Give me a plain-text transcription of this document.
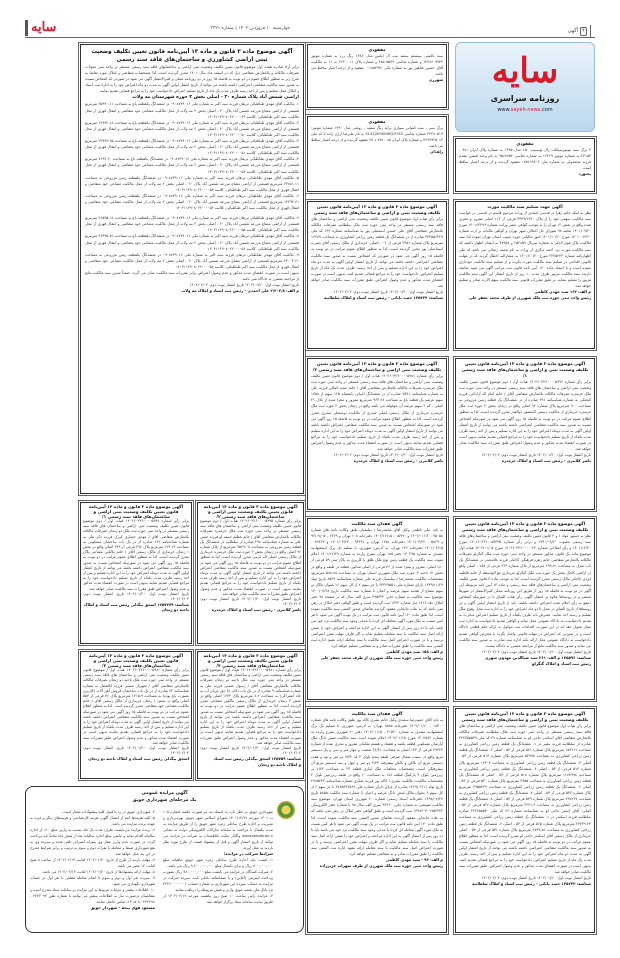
سایه	چهارشنبه ۱۰ فروردین ۱۴۰۲ | شماره ۳۳۲۱	۴
آگهی
سایه
روزنامه سراسری
www.sayeh-news.com
مفقودی

۲ برگ سند موتورسیکلت زال توسبیپ ۱۵۰ مدل ۱۳۹۵ به شماره پلاک ایران ۹۸۱ - ۲۳۱۵۴ به شماره موتور ۱۲۳۶۹ به شماره شاسی ۹۵۶۷۷۵۴ به نام وحید فیضی مقدم فرزند محمدولی به شماره ملی ۰۷۵۱۱۹۸۰۳ مفقود گردیده و از درجه اعتبار ساقط است.

بجنورد
مفقودی

سند تاکسی سیستم سمند تیپ ال ایکس مدل ۱۳۸۶ رنگ زرد به شماره موتور ۱۲۴۸۶۰۹۹۴۴ و شماره شاسی ۳۸۵۰۵۵۴۳ و شماره پلاک ۱۱ - ۲۲۲ ت ۱۱ به مالکیت آقای حسین شاهین پور به شماره ملی ۰۰۱۸۵۳۹۲۱ مفقود و از درجه اعتبار ساقط می باشد.

شهرری
مفقودی

برگ سبز - سند کمپانی سواری پراید رنگ سفید - روغنی مدل ۱۳۹۰ شماره موتور: ۴۲۴۸۰۵۱۹ شماره شاسی S1422090089297S5 به نام علیرضا ارژن زاده با کد ملی ۳۶۷۹۹۲۵۰۱۳ و شماره پلاک ایران ۸۵ - ۷۹۸ د ۳۸ مفقود گردیده و از درجه اعتبار ساقط می باشد.

زاهدان
آگهی موضوع ماده ۳ قانون و ماده ۱۳ آیین‌نامه قانون تعیین تکلیف وضعیت ثبتی اراضی کشاورزی و ساختمان‌های فاقد سند رسمی

برابر آراء صادره هیئت اول موضوع قانون تعیین تکلیف وضعیت ثبتی اراضی و ساختمانهای فاقد سند رسمی مستقر در واحد ثبتی معولات تصرفات مالکانه و بلامعارض متقاضی ذیل که در اسفند ماه سال ۱۴۰۱ محرز گردیده است. لذا مشخصات متقاضی و املاک مورد تقاضا به شرح زیر به منظور اطلاع عموم در دو نوبت به فاصله ۱۵ روز در دو روزنامه محلی و کثیرالانتشار آگهی می شود در صورتی که اشخاص نسبت به صدور سند مالکیت متقاضی اعتراضی داشته باشند می توانند از تاریخ انتشار اولین آگهی به مدت دو ماه اعتراض خود را به اداره ثبت اسناد و املاک محل تسلیم و پس از اخذ رسید ظرف مدت یک ماه از تاریخ تسلیم اعتراض دادخواست خود را به مراجع قضایی تقدیم نمایند.

اراضی شمس آباد پلاک شماره ۲۰ - اصلی بخش ۲ حوزه شهرستان مه ولات

۱- مالکیت آقای مهدی طباطبائی تربقان فرزند سید اکبر به شماره ملی ۰۹۰۸۷۴۹۰۱۶ در ششدانگ یکقطعه باغ به مساحت ۲۵۹۹۰.۱۱ مترمربع قسمتی از اراضی مشاع مزرعه شمس آباد پلاک ۲۰ - اصلی بخش ۲ مه ولات از محل مالکیت مشاعی خود متقاضی و انتقال قهری از محل مالکیت سید اکبر طباطبائی. کلاسه ۱۴۰۳۱۱۴۹۰۸۰۲۲۰۰۰۰۴۹

۲- مالکیت آقای مهدی طباطبائی تربقان فرزند سید اکبر به شماره ملی ۰۹۰۸۷۴۹۰۱۶ در ششدانگ یکقطعه باغ به مساحت ۱۴۹۴۲.۱۸ مترمربع قسمتی از اراضی مشاع مزرعه شمس آباد پلاک ۲۰ - اصلی بخش ۲ مه ولات از محل مالکیت مشاعی خود متقاضی و انتقال قهری از محل مالکیت سید اکبر طباطبائی. کلاسه ۱۴۰۳۱۱۴۹۰۸۰۲۲۰۰۰۰۵۰

۳- مالکیت آقای مهدی طباطبائی تربقان فرزند سید اکبر به شماره ملی ۰۹۰۸۷۴۹۰۱۶ در ششدانگ یکقطعه باغ به مساحت ۲۳۹۹۹.۶۵ مترمربع قسمتی از اراضی مشاع مزرعه شمس آباد پلاک ۲۰ - اصلی بخش ۲ مه ولات از محل مالکیت مشاعی خود متقاضی و انتقال قهری از محل مالکیت سید اکبر طباطبائی. کلاسه ۱۴۰۳۱۱۴۹۰۸۰۲۲۰۰۰۰۵۱

۴- مالکیت آقای مهدی طباطبائی تربقان فرزند سید اکبر به شماره ملی ۰۹۰۸۷۴۹۰۱۶ در ششدانگ یکقطعه باغ به مساحت ۷۱۹۴.۶۰ مترمربع قسمتی از اراضی مشاع مزرعه شمس آباد پلاک ۲۰ - اصلی بخش ۲ مه ولات از محل مالکیت مشاعی خود متقاضی و انتقال قهری از محل مالکیت سید اکبر طباطبائی. کلاسه ۱۴۰۳۱۱۴۹۰۸۰۲۲۰۰۰۰۵۲

۵- مالکیت آقای مهدی طباطبائی تربقان فرزند سید اکبر به شماره ملی ۰۹۰۸۷۴۹۰۱۶ در ششدانگ یکقطعه زمین مزروعی به مساحت ۲۳۸۸۱.۱۱ مترمربع قسمتی از اراضی مشاع مزرعه شمس آباد پلاک ۲۰ - اصلی بخش ۲ مه ولات از محل مالکیت مشاعی خود متقاضی و انتقال قهری از محل مالکیت سید اکبر طباطبائی. کلاسه ۱۴۰۳۱۱۴۹۰۸۰۲۲۰۰۰۰۵۳

۶- مالکیت آقای مهدی طباطبائی تربقان فرزند سید اکبر به شماره ملی ۰۹۰۸۷۴۹۰۱۶ در ششدانگ یکقطعه زمین مزروعی به مساحت ۱۲۲۹۴.۶۱ مترمربع قسمتی از اراضی مشاع مزرعه شمس آباد پلاک ۲۰ - اصلی بخش ۲ مه ولات از محل مالکیت مشاعی خود متقاضی و انتقال قهری از محل مالکیت سید اکبر طباطبائی. کلاسه ۱۴۰۳۱۱۴۹۰۸۰۲۲۰۰۰۰۵۴

۷- مالکیت آقای مهدی طباطبائی تربقان فرزند سید اکبر به شماره ملی ۰۹۰۸۷۴۹۰۱۶ در ششدانگ یکقطعه باغ به مساحت ۲۶۵۹۵.۱۸ مترمربع قسمتی از اراضی مشاع مزرعه شمس آباد پلاک ۲۰ - اصلی بخش ۲ مه ولات از محل مالکیت مشاعی خود متقاضی و انتقال قهری از محل مالکیت سید اکبر طباطبائی. کلاسه ۱۴۰۳۱۱۴۹۰۸۰۲۲۰۰۰۰۵۵

۸- مالکیت آقای مهدی طباطبائی تربقان فرزند سید اکبر به شماره ملی ۰۹۰۸۷۴۹۰۱۶ در ششدانگ یکقطعه باغ به مساحت ۲۶۴۹۵.۸۲ مترمربع قسمتی از اراضی مشاع مزرعه شمس آباد پلاک ۲۰ - اصلی بخش ۲ مه ولات از محل مالکیت مشاعی خود متقاضی و انتقال قهری از محل مالکیت سید اکبر طباطبائی. کلاسه ۱۴۰۳۱۱۴۹۰۸۰۲۲۰۰۰۰۵۶

۹- مالکیت آقای مهدی طباطبائی تربقان فرزند سید اکبر به شماره ملی ۰۹۰۸۷۴۹۰۱۶ در ششدانگ یکقطعه زمین مزروعی به مساحت ۲۴۰۰۴.۶۱ مترمربع قسمتی از اراضی مشاع مزرعه شمس آباد پلاک ۲۰ - اصلی بخش ۲ مه ولات از محل مالکیت مشاعی خود متقاضی و انتقال قهری از محل مالکیت سید اکبر طباطبائی. کلاسه ۱۴۰۳۱۱۴۹۰۸۰۲۲۰۰۰۰۵۷

بدیهی است در صورت انقضای مدت مذکور و عدم وصول اعتراض برابر مقررات سند مالکیت صادر می گردد. ضمناً صدور سند مالکیت مانع از مراجعه متضرر به دادگاه نمی باشد.

تاریخ انتشار نوبت اول: ۱۴۰۲/۰۱/۲۰ تاریخ انتشار نوبت دوم: ۱۴۰۲/۰۲/۰۴

م الف: ۲/۴۰۴/۸ علی احمدی - رئیس ثبت اسناد و املاک مه ولات
آگهی جهت تسلیم سند مالکیت مورث

نظر به اینکه خانم زهرا در قدسی احمدی از وراث مرحوم قاسم در قدسی در خواست سند مالکیت سهمی خود را از پلاک ۳۳۳۹/۲۷۲۰ فرعی از ۱۱۳ اصلی مفروز و مجزی شده واقع در بخش ۱۲ تهران را به موجب گواهی حصر وراثت شماره ۱۴۰۱۶۳۳۷۹ مورخ ۱۴۰۱/۰۹/۲۰ شعبه ۹۸ شورای حل اختلاف شهر تهران و گواهی مالیات بر ارث شماره ۱۴۰۱۰۰۴۳۶۰ مورخ ۱۴۰۱/۱۰/۲۰ امور مالیاتی حوزه جنوب استان تهران نموده لذا سند مالکیت پلاک فوق الذکر به شماره سریال ۲۵۴۸۵۹ و ۴۷۹۵۸ به ایشان اظهار داشته که سند مالکیت مورث نزد احمد دیگری از وراث به نام محمد رضائی می باشد که طی اظهارنامه شماره ۲۳۴۵۴۴۳ مورخ ۱۴۰۱/۱۰/۲۰ به مشارالیه اخطار گردید که در مهلت قانونی اقدامی در تسلیم سند مالکیت مورث نکرده و از تسلیم سند مالکیت خودداری نموده است و با استناد ماده ۱۲۰ آیین نامه قانون ثبت مراتب آگهی می شود چنانچه دارنده سند مالکیت مزبور ظرف مدت ۱۰ روز از تاریخ انتشار این آگهی سند مالکیت مزبور را تسلیم ننماید، بر طبق مقررات قانونی سند مالکیت سهم الارث صادر و تسلیم خواهد شد.

م الف: ۱۶۲ سید مهدی کاظمی
رئیس واحد ثبتی حوزه ثبت ملک شهرری از طرف محمد جعفر علی
آگهی موضوع ماده ۳ قانون و ماده ۱۳ آیین‌نامه قانون تعیین تکلیف وضعیت ثبتی و اراضی و ساختمان‌های فاقد سند رسمی

برابر رأی هیات اول موضوع قانون تعیین تکلیف وضعیت ثبتی اراضی و ساختمان های فاقد سند رسمی مستقر در واحد ثبتی حوزه ثبت ملک سلطانیه تصرفات مالکانه بلامعارض متقاضی آقای علی حسین اسمعیلی پور به شناسنامه شماره ۱۲۳ کد ملی ۴۳۲۵۵۶۴۲۹ صادره از در ششدانگ یک قطعه زمین زراعی کشاورزی به مساحت ۱۶۲۸۹ مترمربع پلاک شماره ۲۹۵۱ فرعی از ۰۲ - اصلی، خریداری از مالک رسمی آقای نصرت اسماعیلی پور محرز گردیده است. لذا به منظور اطلاع عموم مراتب در دو نوبت به فاصله ۱۵ روز آگهی می شود در صورتی که اشخاص نسبت به صدور سند مالکیت متقاضی اعتراضی داشته باشند می توانند از تاریخ انتشار اولین آگهی به مدت دو ماه اعتراض خود را به این اداره تسلیم و پس از اخذ رسید، ظرف مدت یک ماه از تاریخ تسلیم اعتراض، دادخواست خود را به مراجع قضائی تقدیم کنند. بدیهی است در صورت انقضای مدت مذکور و عدم وصول اعتراض، طبق مقررات سند مالکیت صادر خواهد شد.

تاریخ انتشار نوبت اول: ۱۴۰۲/۰۱/۲۰ تاریخ انتشار نوبت دوم: ۱۴۰۲/۰۲/۰۴

شناسه: ۱۴۵۴۳۳ حمید بابائی - رئیس ثبت اسناد و املاک سلطانیه
آگهی موضوع ماده ۳ قانون و ماده ۱۳ آیین‌نامه قانون تعیین تکلیف وضعیت ثبتی و اراضی و ساختمان‌های فاقد سند رسمی ۱/

برابر رأی شماره ۱۴۰۲۶۰۳۲۶۰۰۰۰۵۹۹۶ هیات اول / دوم موضوع قانون تعیین تکلیف وضعیت ثبتی اراضی و ساختمان های فاقد سند رسمی مستقر در واحد ثبتی حوزه ثبت ملک خرمدره تصرفات مالکانه بلامعارض متقاضی آقای / خانم امام اله آزادکنی فرزند گنجعلی به شماره شناسنامه ۴۹۱ صادره از در ششدانگ یک قطعه زمین مزروعی به مساحت ۹۰۰ مترمربع پلاک شماره ۹۶ اصلی واقع در زنجان بخش ۲ حوزه ثبت ملک خرمدره خریداری از مالکیت رسمی المنصور ذوالقدر محرز گردیده است. لذا به منظور اطلاع عموم مراتب در دو نوبت به فاصله ۱۵ روز آگهی می شود در صورتیکه اشخاص نسبت به صدور سند مالکیت متقاضی اعتراضی داشته باشند می توانند از تاریخ انتشار اولین آگهی به مدت دوماه اعتراض خود را به این اداره تسلیم و پس از اخذ رسید ظرف مدت یکماه از تاریخ تسلیم دادخواست خود را به مراجع قضایی تقدیم نمایند بدیهی است در صورت انقضاء مدت مذکور و عدم وصول اعتراض طبق مقررات سند مالکیت صادر خواهد شد.

تاریخ انتشار نوبت اول: ۱۴۰۲/۰۱/۲۰ تاریخ انتشار نوبت دوم: ۱۴۰۲/۰۲/۰۴

ناصر کلانتری - رئیس ثبت اسناد و املاک خرمدره
آگهی موضوع ماده ۳ قانون و ماده ۱۳ آیین‌نامه قانون تعیین تکلیف وضعیت ثبتی اراضی و ساختمان‌های فاقد سند رسمی ۲/

برابر رأی شماره ۱۴۰۲۶۰۳۲۶۰۰۰۰۵۹۸۱ هیات اول / دوم موضوع قانون تعیین تکلیف وضعیت ثبتی اراضی و ساختمان های فاقد سند رسمی مستقر در واحد ثبتی حوزه ثبت ملک خرمدره تصرفات مالکانه بلامعارض متقاضی آقای / خانم مجید کمالی فرزند علی به شماره شناسنامه ۲۵۴۱ صادره از در ششدانگ اعیانی بانضمام ۱۲۵ سهم از ۱۳۵۸ سهم عرصه یک قطعه باغ به مساحت ۹۶۳.۶۸ مترمربع مفروز و مجزا شده از پلاک ۴۱ اصلی - که ۲ سهم عرصه آن موقوفه می باشد واقع در زنجان بخش ۲ حوزه ثبت ملک خرمدره خریداری از مالک رسمی اصلی صدری از مالکیت دوستعلی صدری محرز گردیده است. لذا به منظور اطلاع عموم مراتب در دو نوبت به فاصله ۱۵ روز آگهی می شود در صورتیکه اشخاص نسبت به صدور سند مالکیت متقاضی اعتراض داشته باشند می توانند از تاریخ انتشار اولین آگهی به مدت دوماه اعتراض خود را به این اداره تسلیم و پس از اخذ رسید ظرف مدت یکماه از تاریخ تسلیم دادخواست خود را به مراجع قضایی تقدیم نمایند بدیهی است در صورت انقضاء مدت مذکور و عدم وصول اعتراض طبق مقررات سند مالکیت صادر خواهد شد.

تاریخ انتشار نوبت اول: ۱۴۰۲/۰۱/۲۰ تاریخ انتشار نوبت دوم: ۱۴۰۲/۰۲/۰۴

ناصر کلانتری - رئیس ثبت اسناد و املاک خرمدره
آگهی موضوع ماده ۳ قانون و ماده ۱۳ آیین‌نامه قانون تعیین تکلیف وضعیت ثبتی و اراضی و ساختمان‌های فاقد سند رسمی

نظر به دستور مواد ۱ و ۳ قانون تعیین تکلیف وضعیت ثبتی اراضی و ساختمان‌های فاقد سند رسمی مصوب ۱۳۹۰/۰۹/۲۰ و برابر رأی شماره ۱۴۰۱۶۰۳۲۶۰۰۵۹۳۳۵ مورخ ۱۴۰۱/۱۲/۲۰ و رأی اصلاحی شماره ۱۴۰۲۶۰۳۲۶۰۰۰۰۰۴۲ مورخ ۱۴۰۲/۰۱/۰۵ هیات اول موضوع ماده یک قانون مذکور مستقر در واحد ثبتی حوزه ثبت ملک گنگرلو تصرفات مالکانه بلامعارض متقاضی خانم زهره فرهنگی کاجکی فرزند غلامحیدر در ششدانگ یک باب منزل به مساحت ۲۹۹.۷۱ مترمربع از پلاک شماره ۲۴۲ فرعی از ۱۵۸ - اصلی واقع در اراضی کاجک بخش یک حوزه ثبت ملک گنگرلو خریداری مع الواسطه از خانم فاطمه ایزدی کاجکی مالک رسمی محرز گردیده است. لذا به موجب ماده ۳ قانون تعیین تکلیف وضعیت ثبتی اراضی و ساختمان‌های فاقد سند رسمی و ماده ۱۳ آیین نامه مربوطه این آگهی در دو نوبت به فاصله ۱۵ روز از طریق این روزنامه محلی کثیرالانتشار در شهرها منتشر و در روستاها علاوه بر انتشار آگهی، رأی هیات الصاق تا در صورتیکه اشخاص ذینفع به رأی اعلام شده اعتراض داشته باشند، باید از تاریخ انتشار اولین آگهی و در روستاها از تاریخ الصاق در محل تا دو ماه اعتراض خود را به اداره ثبت محل وقوع ملک تسلیم و رسید اخذ نمایند. معترض باید ظرف یکماه از تاریخ تسلیم اعتراض مبادرت به تقدیم دادخواست به دادگاه عمومی محل نماید و گواهی تقدیم دادخواست به اداره ثبت محل تحویل دهد که در این صورت، اقدامات ثبت موکول به ارائه حکم قطعی دادگاه است و در صورتی که اعتراض در مهلت قانونی واصل نگردد یا معترض گواهی تقدیم دادخواست به دادگاه عمومی محل ارائه نکند اداره ثبت مبادرت به صدور سند مالکیت می نماید و صدور سند مالکیت مانع از مراجعه متضرر به دادگاه نیست.

تاریخ انتشار نوبت اول: ۱۴۰۲/۰۱/۲۰ تاریخ انتشار نوبت دوم: ۱۴۰۲/۰۲/۰۴

شناسه: ۱۴۵۵۹۶ م الف: ۲۶۱ سید ضیاالدین مهدوی شهری
رئیس ثبت اسناد و املاک گنگرلو
آگهی فقدان سند مالکیت

به نام: علی ناظمی وکیل آقای محمدرضا / سلیمیان طبق وکالت نامه های شماره ۹۵۰۵۸ - ۱۴۰۲/۰۱/۱۲ و ۱۵۹۹۰ - ۱۴۰۲/۱۲/۱۵ دفترخانه ۱۰۸ تهران و ۶۴۲۹ - ۹۲/۰۷/۰۵ و ۵۸۲۹ - ۱۴۰۱/۰۳/۲۲ دفترخانه ۱۲۵۱ تهران و ۹۴۲۳۱ - ۱۴۰۱/۰۳/۲۴ و ۸۹۴۲۳ - ۱۴۰۱/۰۳/۱۵ دفترخانه ۱۳۶ تهران، به آدرس: شهرری، با تسلیم یک برگ استشهادیه مصدق به شماره ۱۴۰۲۹۵ دفتر ۱۸۵ تهران بشرح وارده به شماره ۱۴۰۱/۱۲/۲۹ اعلام نموده سند مالکیت یک قطعه زمین نوع ملک طلق با کاربری به پلاک ثبتی ۵۹ فرعی از ۱۸۰ اصلی، مفروز و مجزا شده از ۳۶ فرعی از اصلی مذکور، قطعه در طبقه و واقع در بخش ۱۲ ناحیه ۳ حوزه ثبت ملک شهرری استان تهران به مساحت ۵۸۸.۸۸ مترمربع، مشخصات مالکیت محمدرضا / سلیمیان فرزند علی شماره شناسنامه ۸۵۴۹ تاریخ تولد ۱۳۴۹/۱۱/۲۹ دارای شماره ملی ۲۳۳۶۹۵۵۱ با جز سهم ۲ از کل سهم ۱۶ بعنوان مالک دو سهم مشاع از هجده سهم عرصه و اعیان با شماره سند مالکیت تاریخ ۱۴۰۰/۰۷/۲۸ موضوع سند مالکیت به شماره چاپی ۴۹۵۳۲۴ سری الف سال که در صفحه ۹۸ دفتر املاک جلد ۱۴۱۲ ذیل شماره ۱۳۴۴ ثبت گردیده است و طبق گواهی دفتر املاک در رهن نمی باشد که به علت جابجایی مفقود گردیده تقاضای صدور المثنی سند مالکیت نموده است. لذا طبق ماده ۱۲۰ آیین نامه قانون ثبت مراتب در یک نوبت آگهی می شود تا هر کس نسبت به ملک مورد آگهی معامله ای کرده یا مدعی وجود سند مالکیت نزد خود می باشد باید تا ده روز پس از انتشار آگهی به این اداره مراجعه و اعتراض خود را ضمن ارائه اصل سند مالکیت یا سند معامله تسلیم نماید و اگر ظرف مهلت مقرر اعتراضی نرسید و یا در صورت اعتراض اصل سند مالکیت یا سند معامله ارائه نشود اداره ثبت المثنی سند مالکیت را طبق مقررات صادر و به متقاضی تسلیم خواهد کرد.

م الف: ۱۵۸ سید مهدی کاظمی
رئیس واحد ثبتی حوزه ثبت ملک شهرری از طرف محمد جعفر علی
آگهی موضوع ماده ۳ قانون و ماده ۱۳ آیین‌نامه قانون تعیین تکلیف وضعیت ثبتی اراضی و ساختمان‌های فاقد سند رسمی ۱/

برابر رأی شماره ۱۴۰۲۶۰۳۲۶۰۰۰۰۵۹۹۷ هیات اول / دوم موضوع قانون تعیین تکلیف وضعیت ثبتی اراضی و ساختمان های فاقد سند رسمی مستقر در واحد ثبتی حوزه ثبت ملک دو زنجان تصرفات مالکانه بلامعارض متقاضی آقای / مهدی حصاری کبرک فرزند ذکر علی به شماره شناسنامه ۱۶۲ صادره از در یک باب ساختمان مسکونی به مساحت ۱۲۹.۶۲ مترمربع پلاک ۲۹۶ فرعی از ۳۴۹ اصلی واقع در بخش ۱ زنجان خریداری از مالک رسمی آقای / خانم مالکین مشاعی پلاک محرز گردیده است. لذا به منظور اطلاع عموم مراتب در دو نوبت به فاصله ۱۵ روز آگهی می شود در صورتیکه اشخاص نسبت به صدور سند مالکیت متقاضی اعتراض داشته باشند می توانند از تاریخ انتشار اولین آگهی به مدت دوماه اعتراض خود را به این اداره تسلیم و پس از اخذ رسید ظرف مدت یکماه از تاریخ تسلیم دادخواست خود را به مراجع قضایی تقدیم نمایند بدیهی است در صورت انقضاء مدت مذکور و عدم وصول اعتراض طبق مقررات سند مالکیت صادر خواهد شد.

تاریخ انتشار نوبت اول: ۱۴۰۲/۰۱/۲۰ تاریخ انتشار نوبت دوم: ۱۴۰۲/۰۲/۰۴

شناسه: ۱۴۵۷۴۷۹ اسحق بیگدلی رئیس ثبت اسناد و املاک ناحیه دو زنجان
آگهی موضوع ماده ۳ قانون و ماده ۱۳ آیین‌نامه قانون تعیین تکلیف وضعیت ثبتی اراضی و ساختمان‌های فاقد سند رسمی ۲/

برابر رأی شماره ۱۴۰۲۶۰۳۲۶۰۰۰۰۵۹۹۵ هیات اول / دوم موضوع قانون تعیین تکلیف وضعیت ثبتی اراضی و ساختمان های فاقد سند رسمی مستقر در واحد ثبتی حوزه ثبت ملک خرمدره تصرفات مالکانه بلامعارض متقاضی آقای / خانم عظیم حنیفه لو فرزند حسن علی به شماره شناسنامه ۴۹۸ صادره از سلطانیه در ششدانگ یک قطعه زمین مزروعی به مساحت ۹۵۶۹.۰۸ مترمربع از پلاک شماره ۹۶ اصلی واقع در زنجان بخش ۲ حوزه ثبت ملک خرمدره خریداری از مالک رسمی اصلی اله کرمی محرز گردیده است. لذا به منظور اطلاع عموم مراتب در دو نوبت به فاصله ۱۵ روز آگهی می شود در صورتیکه اشخاص نسبت به صدور سند مالکیت متقاضی اعتراض داشته باشند می توانند از تاریخ انتشار اولین آگهی به مدت دوماه اعتراض خود را به این اداره تسلیم و پس از اخذ رسید ظرف مدت یکماه از تاریخ تسلیم دادخواست خود را به مراجع قضایی تقدیم نمایند بدیهی است در صورت انقضاء مدت مذکور و عدم وصول اعتراض طبق مقررات سند مالکیت صادر خواهد شد.

تاریخ انتشار نوبت اول: ۱۴۰۲/۰۱/۲۰ تاریخ انتشار نوبت دوم: ۱۴۰۲/۰۲/۰۴

ناصر کلانتری - رئیس ثبت اسناد و املاک خرمدره
آگهی موضوع ماده ۳ قانون و ماده ۱۳ آیین‌نامه قانون تعیین تکلیف وضعیت ثبتی اراضی و ساختمان‌های فاقد سند رسمی ۲/

برابر رأی شماره ۱۴۰۲۶۰۳۲۶۰۰۰۰۵۹۸۰ هیات اول / موضوع قانون تعیین تکلیف وضعیت ثبتی اراضی و ساختمان های فاقد سند رسمی مستقر در واحد ثبتی حوزه ثبت ملک ناحیه دو زنجان تصرفات مالکانه بلامعارض متقاضی آقای / شهریار حسنی فرزند ابالفضل به شماره شناسنامه ۴۲ صادره از در یک باب ساختمان فروش آهن آلات (کاربری بصورت باغ بوده) به مساحت ۱۲۱۵.۹ مترمربع پلاک ۳۶ فرعی از ۵۵۳ اصلی واقع در بخش ۱ زنجان خریداری از مالک رسمی آقای / خانم مالکیت مشاعی خود متقاضی محرز گردیده است. لذا به منظور اطلاع عموم مراتب در دو نوبت به فاصله ۱۵ روز آگهی می شود در صورتیکه اشخاص نسبت به صدور سند مالکیت متقاضی اعتراض داشته باشند می توانند از تاریخ انتشار اولین آگهی به مدت دوماه اعتراض خود را به این اداره تسلیم و پس از اخذ رسید ظرف مدت یکماه از تاریخ تسلیم دادخواست خود را به مراجع قضایی تقدیم نمایند بدیهی است در صورت انقضاء مدت مذکور و عدم وصول اعتراض طبق مقررات سند مالکیت صادر خواهد شد.

تاریخ انتشار نوبت اول: ۱۴۰۲/۰۱/۲۰ تاریخ انتشار نوبت دوم: ۱۴۰۲/۰۲/۰۴

اسحق بیگدلی رئیس ثبت اسناد و املاک ناحیه دو زنجان
آگهی موضوع ماده ۳ قانون و ماده ۱۳ آیین‌نامه قانون تعیین تکلیف وضعیت ثبتی اراضی و ساختمان‌های فاقد سند رسمی ۳/

برابر رأی شماره ۱۴۰۲۶۰۳۲۶۰۰۰۰۵۹۸۱ هیات اول / موضوع قانون تعیین تکلیف وضعیت ثبتی اراضی و ساختمان های فاقد سند رسمی مستقر در واحد ثبتی حوزه ثبت ملک ناحیه دو زنجان تصرفات مالکانه بلامعارض متقاضی آقای / رسول حسنی فرزند علی به شماره شناسنامه ۹ صادره از در یک باب دکان (با حق جریان آب به چاه اشتراکی) به مساحت ۸.۲ مترمربع پلاک ۱۶۴۳ اصلی واقع در بخش ۲ زنجان خریداری از مالک رسمی مالکین مشاعی محرز گردیده است. لذا به منظور اطلاع عموم مراتب در دو نوبت به فاصله ۱۵ روز آگهی می شود در صورتیکه اشخاص نسبت به صدور سند مالکیت متقاضی اعتراض داشته باشند می توانند از تاریخ انتشار اولین آگهی به مدت دوماه اعتراض خود را به این اداره تسلیم و پس از اخذ رسید ظرف مدت یکماه از تاریخ تسلیم دادخواست خود را به مراجع قضایی تقدیم نمایند بدیهی است در صورت انقضاء مدت مذکور و عدم وصول اعتراض طبق مقررات سند مالکیت صادر خواهد شد.

تاریخ انتشار نوبت اول: ۱۴۰۲/۰۱/۲۰ تاریخ انتشار نوبت دوم: ۱۴۰۲/۰۲/۰۴

شناسه: ۱۴۵۷۵۹ اسحق بیگدلی رئیس ثبت اسناد
و املاک ناحیه دو زنجان
آگهی فقدان سند مالکیت

به نام: آقای حمیدرضا سعیدی وکیل خانم بشری کاکه پور طبق وکالت نامه های شماره ۱۸۳۰۰ - ۱۴۰۲/۰۱/۱۰ دفترخانه ۱۵۸۵ تهران، به آدرس: شهرری، با تسلیم یک برگ استشهادیه مصدق به شماره ۲۱۵۲۰ - ۱۴۰۲/۰۱/۱۵ دفتر ۲۰ شهرری بشرح وارده به شماره ۱۴۰۲۵۸۴ مورخ ۱۴۰۲/۰۱/۱۵ اعلام نموده است سند مالکیت شش دانگ ملک آپارتمان مسکونی قطعه یکصد و هشتاد و هشتم تفکیکی مفروز و مجزی شده از شماره ۲۷۲۴۳ فرعی از ۱۴۳ اصلی به مساحت ۶۴/۳۱ شصت و چهار متر و سی و یک دسیمتر مربع واقع در سمت شمال شرقی طبقه پنجم بلوک ۴ که ۷/۳۴ دو متر و نود و هفت دسیمتر مربع آن بالکن و بالکن پیشرفته ۲/۴۴ دو متر و چهل و سه دسیمتر مربع آن پیشرفتگی است. مشخصات متعلقات ملک انباری قطعه ۲۲ به مساحت ۱/۴۲ در زیرزمین بلوک ۴ پارکینگ قطعه ۱۸۸ به مساحت ۱۰ واقع در طبقه زیرزمین بلوک ۴ مشخصات مالکیت: مالکیت بشری / کاکه پور فرزند شکری شماره شناسنامه ۴۷۸۵۳۴۲ تاریخ تولد ۱۳۶۹/۰۲/۱۱ صادره از عراق دارای شماره ملی ۴۷۸۵۳۴۲۵۶۴ با جز سهم ۶ از کل سهم ۶ بعنوان مالک شش دانگ عرصه و اعیان با شماره سند مالکیت ۵۸۵۵ تاریخ ۱۳۹۸/۰۷/۲۴ دفترخانه اسناد رسمی شماره ۲۰ شهرری استان تهران، موضوع سند مالکیت تعویضی به شماره چاپی ۹۴۴۶۰ سری الف سال ۹۸ با شماره دفتر الکترونیکی ۱۳۹۸۲۰۳۰۱۹۵۲۳۳۲ ثبت گردیده است و طبق گواهی دفتر املاک در رهن نمی باشد که به علت جابجایی مفقود گردیده تقاضای صدور المثنی سند مالکیت نموده است. لذا طبق ماده ۱۲۰ آیین نامه قانون ثبت مراتب در یک نوبت آگهی می شود تا هر کس نسبت به ملک مورد آگهی معامله ای کرده یا مدعی وجود سند مالکیت نزد خود می باشد باید تا ده روز پس از انتشار آگهی به این اداره مراجعه و اعتراض خود را ضمن ارائه اصل سند مالکیت یا سند معامله تسلیم نماید و اگر ظرف مهلت مقرر اعتراضی نرسید و یا در صورت اعتراض اصل سند مالکیت یا سند معامله ارائه نشود اداره ثبت المثنی سند مالکیت را طبق مقررات صادر و به متقاضی تسلیم خواهد کرد.

م الف: ۹۶ - سید مهدی کاظمی
رئیس واحد ثبتی حوزه ثبت ملک شهرری از طرف سهراب عزیززاده
آگهی موضوع ماده ۳ قانون و ماده ۱۳ آیین‌نامه قانون تعیین تکلیف وضعیت ثبتی و اراضی و ساختمان‌های فاقد سند رسمی

برابر رأی هیات اول موضوع قانون تعیین تکلیف وضعیت ثبتی اراضی و ساختمان های فاقد سند رسمی مستقر در واحد ثبتی حوزه ثبت ملک سلطانیه تصرفات مالکانه بلامعارض متقاضی آقای اسکندر حاجی لو به شناسنامه شماره ۳۹ کد ملی ۴۳۲۳۵۵۵۳۹ صادره از سلطانیه فرزند بشیر در ۱- ششدانگ یک قطعه زمین زراعی کشاورزی به مساحت ۱۵۳۱۶۱ مترمربع پلاک شماره ۵۲۱ فرعی از ۵۳ - اصلی ۲- ششدانگ یک قطعه زمین زراعی کشاورزی به مساحت ۵۴۹۹۸ مترمربع پلاک شماره ۵۱۳ فرعی از ۵۳ - اصلی ۳- ششدانگ یک قطعه زمین زراعی کشاورزی به مساحت ۱۳۳۰۴ مترمربع پلاک شماره ۵۱۳ فرعی از ۵۳ - اصلی ۴- ششدانگ یک قطعه زمین زراعی کشاورزی به مساحت ۱۱۷۷۹۹۸ مترمربع پلاک شماره ۵۱۸ فرعی از ۵۳ - اصلی ۵- ششدانگ یک قطعه زمین زراعی کشاورزی به مساحت ۲۹۵۵ مترمربع پلاک شماره ۵۲۰ فرعی از ۵۳ - اصلی ۶- ششدانگ یک قطعه زمین زراعی کشاورزی به مساحت ۲۹۵۵۳۲۹ مترمربع پلاک شماره ۵۳۲ فرعی از ۵۳ - اصلی ۷- ششدانگ یک قطعه زمین زراعی کشاورزی به مساحت ۲۹۸۲۶۷ مترمربع پلاک شماره ۵۲۹ فرعی از ۵۳ - اصلی ۸- ششدانگ یک قطعه زمین زراعی کشاورزی به مساحت ۲۲۲۱.۲ مترمربع پلاک شماره ۵۲۷ فرعی از ۵۳ - اصلی. آقای اسمر حاجی لو به شناسنامه شماره ۲۲ کد ملی ۴۳۲۳۵۵۵۳۰ صادره سلطانیه فرزند اسکندر در ۱- ششدانگ یک قطعه زمین زراعی کشاورزی به مساحت ۲۳۳۳۹.۴۳ مترمربع پلاک شماره ۵۶۵ فرعی از ۵۳ - اصلی ۲- ششدانگ یک قطعه زمین زراعی کشاورزی به مساحت ۲۷۳۹.۵۱ مترمربع پلاک شماره ۵۳۱ فرعی از ۵۳ - اصلی خریداری از مالک رسمی آقای اسکندر حاجی لو محرز گردیده است. لذا به منظور اطلاع عموم مراتب در دو نوبت به فاصله ۱۵ روز آگهی می شود در صورتیکه اشخاص نسبت به صدور سند مالکیت متقاضی اعتراضی داشته باشند می توانند از تاریخ انتشار اولین آگهی به مدت دو ماه اعتراض خود را به این اداره تسلیم و پس از اخذ رسید، ظرف مدت یک ماه از تاریخ تسلیم اعتراض، دادخواست خود را به مراجع قضائی تقدیم کنند. بدیهی است در صورت انقضای مدت مذکور و عدم وصول اعتراض، طبق مقررات سند مالکیت صادر خواهد شد.

تاریخ انتشار نوبت اول: ۱۴۰۲/۰۱/۲۰ تاریخ انتشار نوبت دوم: ۱۴۰۲/۰۲/۰۴

شناسه: ۱۴۵۶۳۳ حمید بابائی - رئیس ثبت اسناد و املاک سلطانیه
آگهی مزایده عمومی
یک مرحله‌ای شهرداری حویق

شهرداری حویق در نظر دارد به استناد بند دو صورت جلسه شماره ۱۰۵ ب ۱۴۰۱ مورخه ۱۴۰۱/۱۲/۲۸ شورای اسلامی شهر حویق، بهره‌برداری و مدیریت و اجاره طرح ساحلی زمرد شهر حویق را از طریق مزایده به مدت یکسال با مراجعه به سامانه تدارکات الکترونیکی دولت به نشانی www.setadiran.ir واگذار نماید. علاقمندان به شرکت در مزایده می توانند از تاریخ انتشار آگهی و قبل از پیشنهاد قیمت از طرح مورد نظر بازدید به عمل آورند.

شرایط شرکت در مزایده:

۱- قیمت پایه اجاره طرح ساحلی زمرد شهر حویق ماهیانه مبلغ ۸۰۰,۰۰۰,۰۰۰ ریال و برای یکسال مبلغ ۹,۶۰۰,۰۰۰,۰۰۰ ریال می باشد.

۲- شرکت کنندگان در مزایده می بایست مبلغ ۴۸۰,۰۰۰,۰۰۰ ریال بصورت پرداخت اینترنتی (آنلاین) و یا ضمانتنامه بانکی بابت سپرده شرکت در مزایده به حساب سپرده این شهرداری به شماره حساب ۴۲۴۶۰۰۰۰۰۰۰۱ نزد بانک ملی شعبه حویق واریز و فیش مربوطه را دریافت نمایند.

۳- مزایده راس ساعت ۱۰ صبح روز یکشنبه مورخه ۱۴۰۲/۰۲/۱۷ از طریق سایت سامانه ستاد برگزار خواهد شد.

۴- شهرداری حویق در رد یا قبول کلیه پیشنهادات مختار است.

۵- کلیه هزینه‌ها اعم از انتشار آگهی، هزینه کارشناسی و هزینه‌های دیگر و غیره به عهده برنده مزایده می باشد.

۶- برنده مزایده می‌بایست ظرف مدت یک ماه نسبت به واریز مبلغ ۱۰٪ از اجاره سالیانه اقدام نماید و مابقی مبلغ اجاره سالیانه بعد از شش ماه تماماً باید پرداخت گردد. در صورت عدم واریز عمل وی بمنزله انصراف تلقی شده و سپرده وی به نفع شهرداری ضبط و معامله با نفرات دوم و سوم به ترتیب و برابر شرایط مندرج در این بند عمل خواهد شد.

۷- مهلت بازدید از طرح از تاریخ ۱۴۰۲/۰۱/۲۰ لغایت ۱۴۰۲/۰۲/۱۳ از ساعت ۸ صبح لغایت ۱۲ عصر می باشد.

۸- مهلت ارائه پیشنهادها از تاریخ ۱۴۰۲/۰۱/۲۰ لغایت ۱۴۰۲/۰۲/۱۴ می باشد.

۹- سپرده نفر اول و دوم و سوم تا انجام معامله قطعی با نفر اول در حساب شهرداری نگهداری می شود.

۱۰- اطلاعات بیشتر و جزئیات مربوط به این مزایده در سامانه ستاد مندرج است و متقاضیان درصورت نیاز به اطلاعات بیشتر می توانند با شماره تلفن ۴۴۴۲۰۹۲ - ۰۴۴۲۲۷۸ یا کد ۱۳، تماس حاصل نمایند.

مسعود قوی پنجه - شهردار حویق
